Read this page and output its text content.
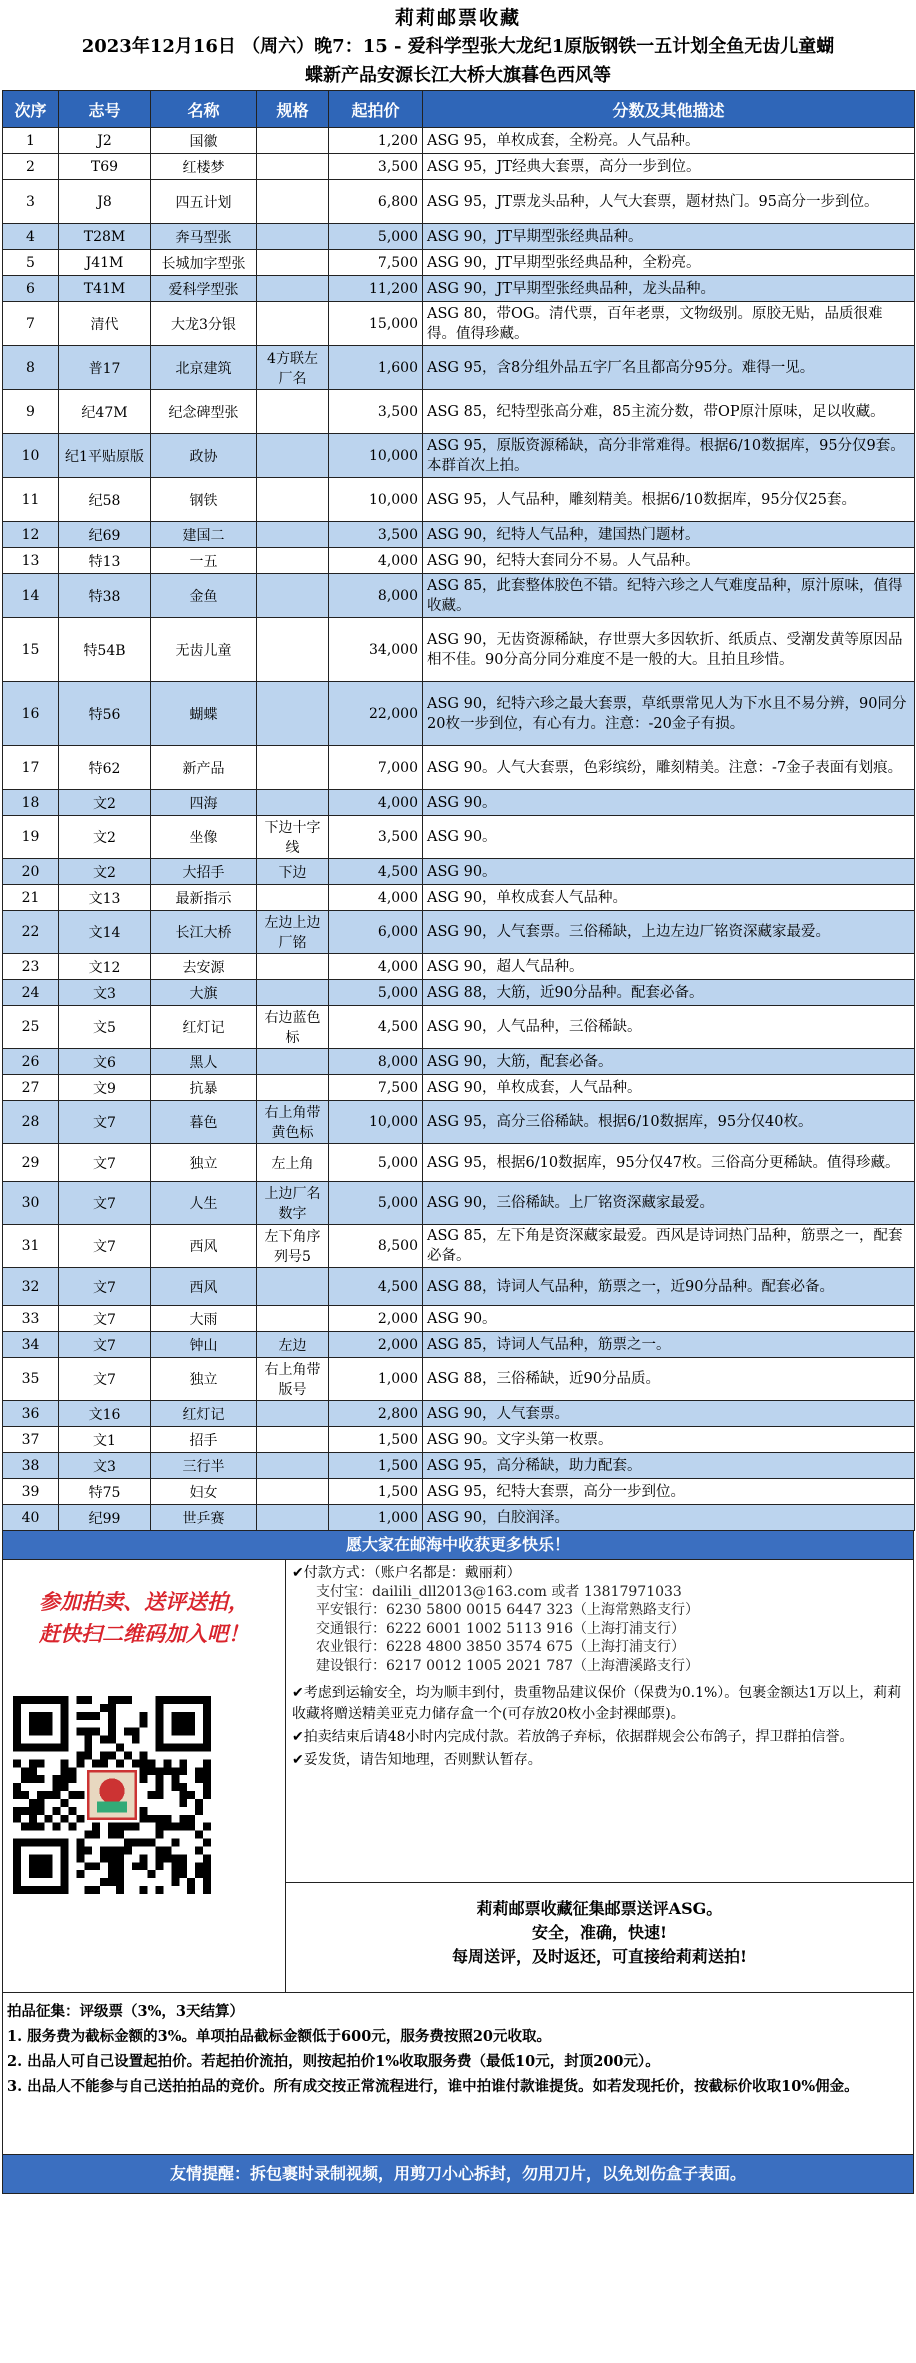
莉莉邮票收藏
2023年12月16日 （周六）晚7：15 - 爱科学型张大龙纪1原版钢铁一五计划全鱼无齿儿童蝴
蝶新产品安源长江大桥大旗暮色西风等
次序	志号	名称	规格	起拍价	分数及其他描述
1	J2	国徽		1,200	ASG 95，单枚成套，全粉亮。人气品种。
2	T69	红楼梦		3,500	ASG 95，JT经典大套票，高分一步到位。
3	J8	四五计划		6,800	ASG 95，JT票龙头品种，人气大套票，题材热门。95高分一步到位。
4	T28M	奔马型张		5,000	ASG 90，JT早期型张经典品种。
5	J41M	长城加字型张		7,500	ASG 90，JT早期型张经典品种，全粉亮。
6	T41M	爱科学型张		11,200	ASG 90，JT早期型张经典品种，龙头品种。
7	清代	大龙3分银		15,000	ASG 80，带OG。清代票，百年老票，文物级别。原胶无贴，品质很难得。值得珍藏。
8	普17	北京建筑	4方联左厂名	1,600	ASG 95，含8分组外品五字厂名且都高分95分。难得一见。
9	纪47M	纪念碑型张		3,500	ASG 85，纪特型张高分难，85主流分数，带OP原汁原味，足以收藏。
10	纪1平贴原版	政协		10,000	ASG 95，原版资源稀缺，高分非常难得。根据6/10数据库，95分仅9套。本群首次上拍。
11	纪58	钢铁		10,000	ASG 95，人气品种，雕刻精美。根据6/10数据库，95分仅25套。
12	纪69	建国二		3,500	ASG 90，纪特人气品种，建国热门题材。
13	特13	一五		4,000	ASG 90，纪特大套同分不易。人气品种。
14	特38	金鱼		8,000	ASG 85，此套整体胶色不错。纪特六珍之人气难度品种，原汁原味，值得收藏。
15	特54B	无齿儿童		34,000	ASG 90，无齿资源稀缺，存世票大多因软折、纸质点、受潮发黄等原因品相不佳。90分高分同分难度不是一般的大。且拍且珍惜。
16	特56	蝴蝶		22,000	ASG 90，纪特六珍之最大套票，草纸票常见人为下水且不易分辨，90同分20枚一步到位，有心有力。注意：-20金子有损。
17	特62	新产品		7,000	ASG 90。人气大套票，色彩缤纷，雕刻精美。注意：-7金子表面有划痕。
18	文2	四海		4,000	ASG 90。
19	文2	坐像	下边十字线	3,500	ASG 90。
20	文2	大招手	下边	4,500	ASG 90。
21	文13	最新指示		4,000	ASG 90，单枚成套人气品种。
22	文14	长江大桥	左边上边厂铭	6,000	ASG 90，人气套票。三俗稀缺，上边左边厂铭资深藏家最爱。
23	文12	去安源		4,000	ASG 90，超人气品种。
24	文3	大旗		5,000	ASG 88，大筋，近90分品种。配套必备。
25	文5	红灯记	右边蓝色标	4,500	ASG 90，人气品种，三俗稀缺。
26	文6	黑人		8,000	ASG 90，大筋，配套必备。
27	文9	抗暴		7,500	ASG 90，单枚成套，人气品种。
28	文7	暮色	右上角带黄色标	10,000	ASG 95，高分三俗稀缺。根据6/10数据库，95分仅40枚。
29	文7	独立	左上角	5,000	ASG 95，根据6/10数据库，95分仅47枚。三俗高分更稀缺。值得珍藏。
30	文7	人生	上边厂名数字	5,000	ASG 90，三俗稀缺。上厂铭资深藏家最爱。
31	文7	西风	左下角序列号5	8,500	ASG 85，左下角是资深藏家最爱。西风是诗词热门品种，筋票之一，配套必备。
32	文7	西风		4,500	ASG 88，诗词人气品种，筋票之一，近90分品种。配套必备。
33	文7	大雨		2,000	ASG 90。
34	文7	钟山	左边	2,000	ASG 85，诗词人气品种，筋票之一。
35	文7	独立	右上角带版号	1,000	ASG 88，三俗稀缺，近90分品质。
36	文16	红灯记		2,800	ASG 90，人气套票。
37	文1	招手		1,500	ASG 90。文字头第一枚票。
38	文3	三行半		1,500	ASG 95，高分稀缺，助力配套。
39	特75	妇女		1,500	ASG 95，纪特大套票，高分一步到位。
40	纪99	世乒赛		1,000	ASG 90，白胶润泽。
愿大家在邮海中收获更多快乐！
参加拍卖、送评送拍，
赶快扫二维码加入吧！
✔付款方式：（账户名都是：戴丽莉）
支付宝：dailili_dll2013@163.com 或者 13817971033
平安银行：6230 5800 0015 6447 323（上海常熟路支行）
交通银行：6222 6001 1002 5113 916（上海打浦支行）
农业银行：6228 4800 3850 3574 675（上海打浦支行）
建设银行：6217 0012 1005 2021 787（上海漕溪路支行）

✔考虑到运输安全，均为顺丰到付，贵重物品建议保价（保费为0.1%）。包裹金额达1万以上，莉莉收藏将赠送精美亚克力储存盒一个(可存放20枚小金封裸邮票)。

✔拍卖结束后请48小时内完成付款。若放鸽子弃标，依据群规会公布鸽子，捍卫群拍信誉。

✔妥发货，请告知地理，否则默认暂存。

莉莉邮票收藏征集邮票送评ASG。
安全，准确，快速!
每周送评，及时返还，可直接给莉莉送拍!
拍品征集：评级票（3%，3天结算）
1. 服务费为截标金额的3%。单项拍品截标金额低于600元，服务费按照20元收取。
2. 出品人可自己设置起拍价。若起拍价流拍，则按起拍价1%收取服务费（最低10元，封顶200元）。
3. 出品人不能参与自己送拍拍品的竞价。所有成交按正常流程进行，谁中拍谁付款谁提货。如若发现托价，按截标价收取10%佣金。
友情提醒：拆包裹时录制视频，用剪刀小心拆封，勿用刀片，以免划伤盒子表面。
